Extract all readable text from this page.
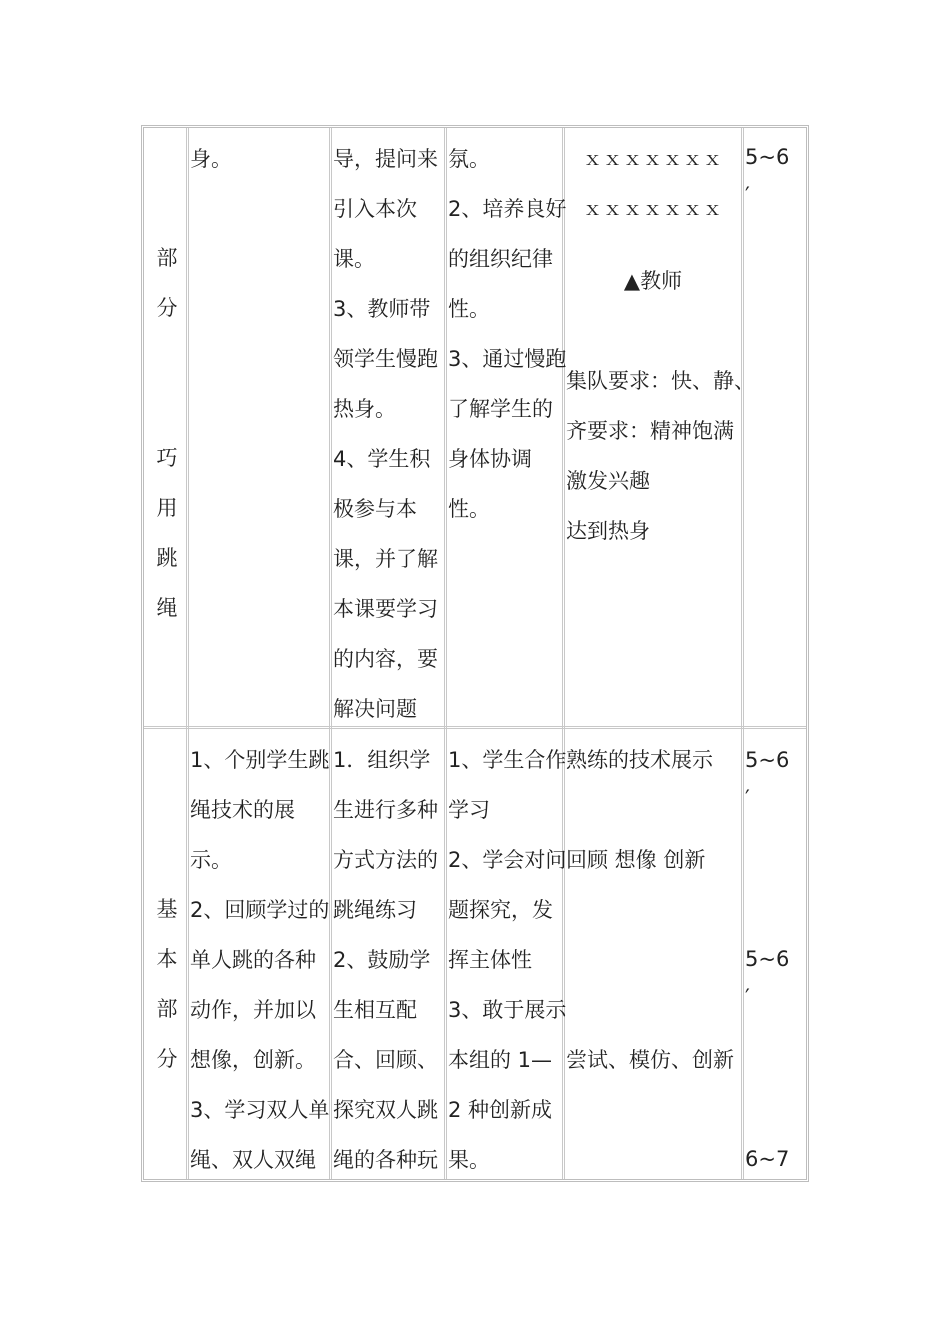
部
分
巧
用
跳
绳
身。	导，提问来
引入本次
课。
3、教师带
领学生慢跑
热身。
4、学生积
极参与本
课，并了解
本课要学习
的内容，要
解决问题
氛。
2、培养良好
的组织纪律
性。
3、通过慢跑
了解学生的
身体协调
性。
ｘｘｘｘｘｘｘ
ｘｘｘｘｘｘｘ
▲教师
集队要求：快、静、
齐要求：精神饱满
激发兴趣
达到热身
5~6
′
基
本
部
分
1、个别学生跳
绳技术的展
示。
2、回顾学过的
单人跳的各种
动作，并加以
想像，创新。
3、学习双人单
绳、双人双绳
1．组织学
生进行多种
方式方法的
跳绳练习
2、鼓励学
生相互配
合、回顾、
探究双人跳
绳的各种玩
1、学生合作
学习
2、学会对问
题探究，发
挥主体性
3、敢于展示
本组的 1—
2 种创新成
果。
熟练的技术展示
回顾 想像 创新
尝试、模仿、创新
5~6
′
5~6
′
6~7
